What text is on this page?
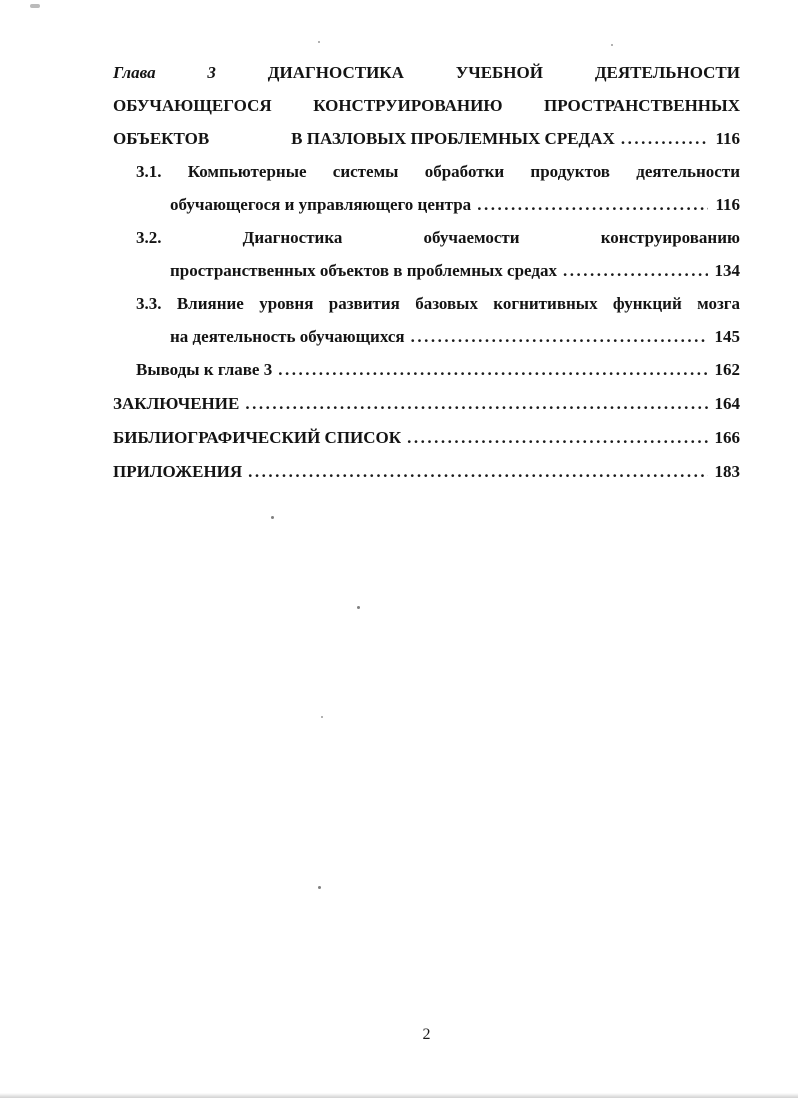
Глава 3	ДИАГНОСТИКА УЧЕБНОЙ ДЕЯТЕЛЬНОСТИ
ОБУЧАЮЩЕГОСЯ КОНСТРУИРОВАНИЮ ПРОСТРАНСТВЕННЫХ
ОБЪЕКТОВ	В ПАЗЛОВЫХ ПРОБЛЕМНЫХ СРЕДАХ .....	116
3.1. Компьютерные системы обработки продуктов деятельности
обучающегося и управляющего центра .....	116
3.2. Диагностика обучаемости конструированию
пространственных объектов в проблемных средах .....	134
3.3. Влияние уровня развития базовых когнитивных функций мозга
на деятельность обучающихся .....	145
Выводы к главе 3 .....	162
ЗАКЛЮЧЕНИЕ .....	164
БИБЛИОГРАФИЧЕСКИЙ СПИСОК .....	166
ПРИЛОЖЕНИЯ .....	183
2
